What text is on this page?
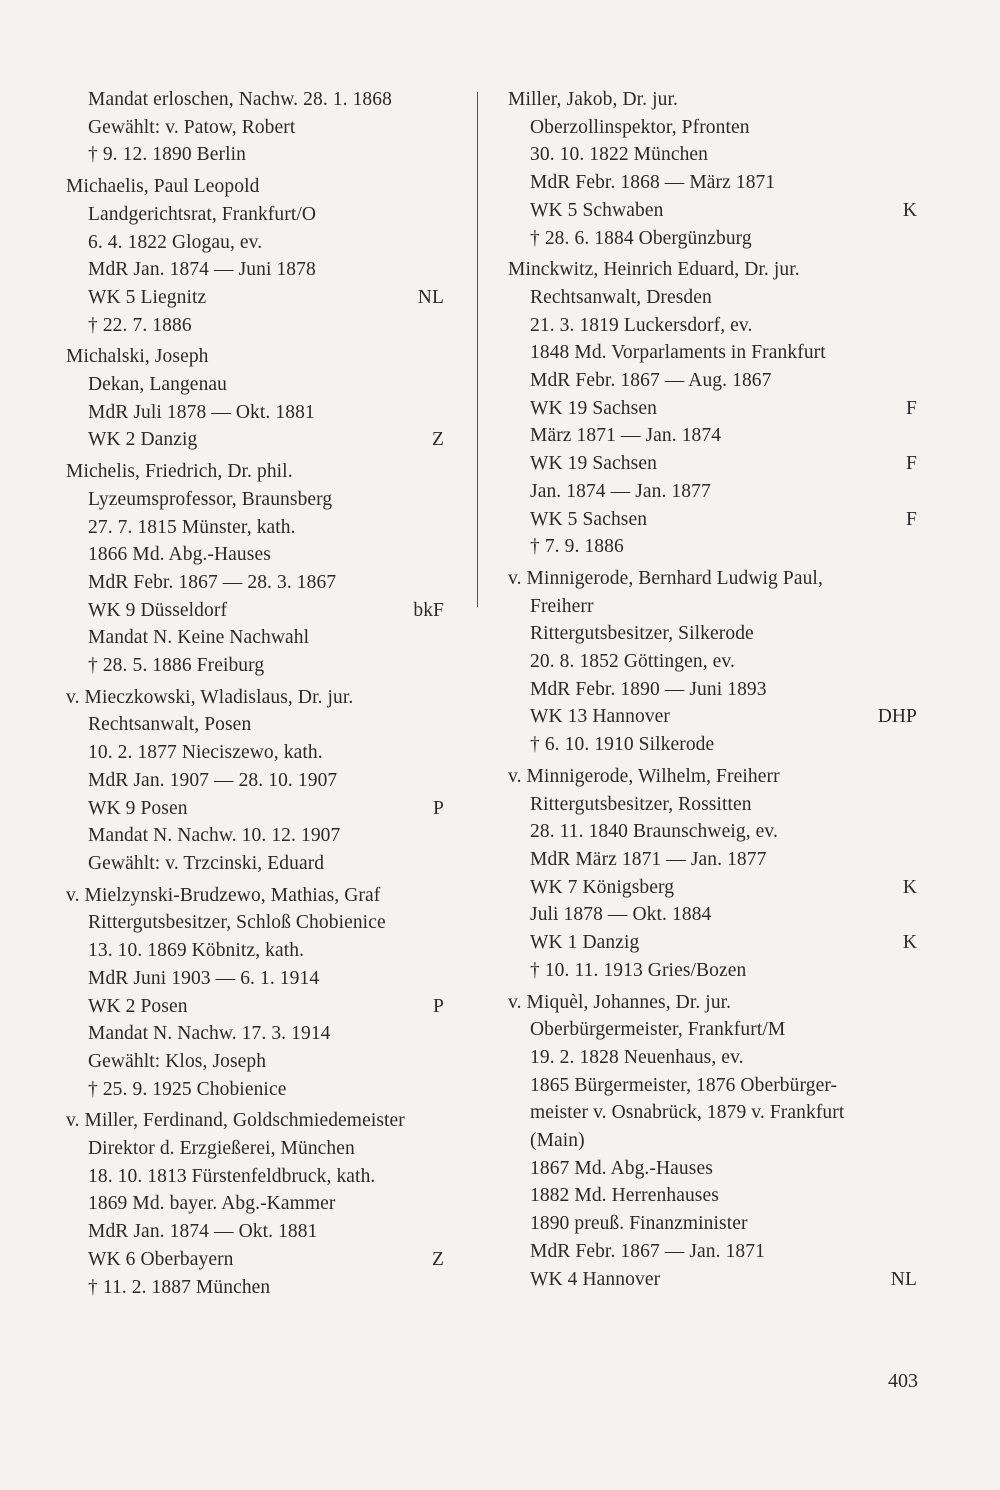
Mandat erloschen, Nachw. 28. 1. 1868
Gewählt: v. Patow, Robert
† 9. 12. 1890 Berlin
Michaelis, Paul Leopold
Landgerichtsrat, Frankfurt/O
6. 4. 1822 Glogau, ev.
MdR Jan. 1874 — Juni 1878
WK 5 Liegnitz	NL
† 22. 7. 1886
Michalski, Joseph
Dekan, Langenau
MdR Juli 1878 — Okt. 1881
WK 2 Danzig	Z
Michelis, Friedrich, Dr. phil.
Lyzeumsprofessor, Braunsberg
27. 7. 1815 Münster, kath.
1866 Md. Abg.-Hauses
MdR Febr. 1867 — 28. 3. 1867
WK 9 Düsseldorf	bkF
Mandat N. Keine Nachwahl
† 28. 5. 1886 Freiburg
v. Mieczkowski, Wladislaus, Dr. jur.
Rechtsanwalt, Posen
10. 2. 1877 Nieciszewo, kath.
MdR Jan. 1907 — 28. 10. 1907
WK 9 Posen	P
Mandat N. Nachw. 10. 12. 1907
Gewählt: v. Trzcinski, Eduard
v. Mielzynski-Brudzewo, Mathias, Graf
Rittergutsbesitzer, Schloß Chobienice
13. 10. 1869 Köbnitz, kath.
MdR Juni 1903 — 6. 1. 1914
WK 2 Posen	P
Mandat N. Nachw. 17. 3. 1914
Gewählt: Klos, Joseph
† 25. 9. 1925 Chobienice
v. Miller, Ferdinand, Goldschmiedemeister
Direktor d. Erzgießerei, München
18. 10. 1813 Fürstenfeldbruck, kath.
1869 Md. bayer. Abg.-Kammer
MdR Jan. 1874 — Okt. 1881
WK 6 Oberbayern	Z
† 11. 2. 1887 München
Miller, Jakob, Dr. jur.
Oberzollinspektor, Pfronten
30. 10. 1822 München
MdR Febr. 1868 — März 1871
WK 5 Schwaben	K
† 28. 6. 1884 Obergünzburg
Minckwitz, Heinrich Eduard, Dr. jur.
Rechtsanwalt, Dresden
21. 3. 1819 Luckersdorf, ev.
1848 Md. Vorparlaments in Frankfurt
MdR Febr. 1867 — Aug. 1867
WK 19 Sachsen	F
März 1871 — Jan. 1874
WK 19 Sachsen	F
Jan. 1874 — Jan. 1877
WK 5 Sachsen	F
† 7. 9. 1886
v. Minnigerode, Bernhard Ludwig Paul,
Freiherr
Rittergutsbesitzer, Silkerode
20. 8. 1852 Göttingen, ev.
MdR Febr. 1890 — Juni 1893
WK 13 Hannover	DHP
† 6. 10. 1910 Silkerode
v. Minnigerode, Wilhelm, Freiherr
Rittergutsbesitzer, Rossitten
28. 11. 1840 Braunschweig, ev.
MdR März 1871 — Jan. 1877
WK 7 Königsberg	K
Juli 1878 — Okt. 1884
WK 1 Danzig	K
† 10. 11. 1913 Gries/Bozen
v. Miquèl, Johannes, Dr. jur.
Oberbürgermeister, Frankfurt/M
19. 2. 1828 Neuenhaus, ev.
1865 Bürgermeister, 1876 Oberbürger-
meister v. Osnabrück, 1879 v. Frankfurt
(Main)
1867 Md. Abg.-Hauses
1882 Md. Herrenhauses
1890 preuß. Finanzminister
MdR Febr. 1867 — Jan. 1871
WK 4 Hannover	NL
403
